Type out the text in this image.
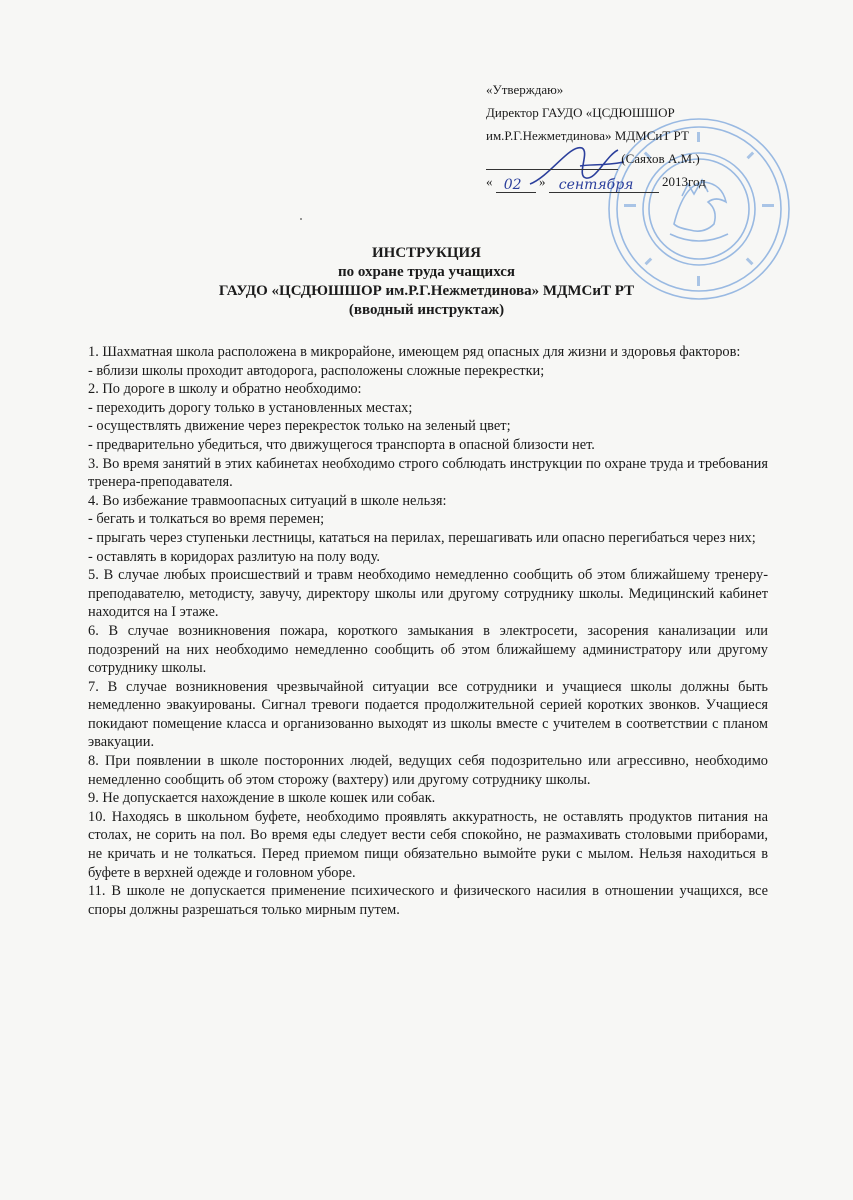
«Утверждаю»
Директор ГАУДО «ЦСДЮШШОР
им.Р.Г.Нежметдинова» МДМСиТ РТ
(Саяхов А.М.)
« 02 » сентября 2013год
ИНСТРУКЦИЯ
по охране труда учащихся
ГАУДО «ЦСДЮШШОР им.Р.Г.Нежметдинова» МДМСиТ РТ
(вводный инструктаж)

1. Шахматная школа расположена в микрорайоне, имеющем ряд опасных для жизни и здоровья факторов:

- вблизи школы проходит автодорога, расположены сложные перекрестки;

2. По дороге в школу и обратно необходимо:

- переходить дорогу только в установленных местах;

- осуществлять движение через перекресток только на зеленый цвет;

- предварительно убедиться, что движущегося транспорта в опасной близости нет.

3. Во время занятий в этих кабинетах необходимо строго соблюдать инструкции по охране труда и требования тренера-преподавателя.

4. Во избежание травмоопасных ситуаций в школе нельзя:

- бегать и толкаться во время перемен;

- прыгать через ступеньки лестницы, кататься на перилах, перешагивать или опасно перегибаться через них;

- оставлять в коридорах разлитую на полу воду.

5. В случае любых происшествий и травм необходимо немедленно сообщить об этом ближайшему тренеру-преподавателю, методисту, завучу, директору школы или другому сотруднику школы. Медицинский кабинет находится на I этаже.

6. В случае возникновения пожара, короткого замыкания в электросети, засорения канализации или подозрений на них необходимо немедленно сообщить об этом ближайшему администратору или другому сотруднику школы.

7. В случае возникновения чрезвычайной ситуации все сотрудники и учащиеся школы должны быть немедленно эвакуированы. Сигнал тревоги подается продолжительной серией коротких звонков. Учащиеся покидают помещение класса и организованно выходят из школы вместе с учителем в соответствии с планом эвакуации.

8. При появлении в школе посторонних людей, ведущих себя подозрительно или агрессивно, необходимо немедленно сообщить об этом сторожу (вахтеру) или другому сотруднику школы.

9. Не допускается нахождение в школе кошек или собак.

10. Находясь в школьном буфете, необходимо проявлять аккуратность, не оставлять продуктов питания на столах, не сорить на пол. Во время еды следует вести себя спокойно, не размахивать столовыми приборами, не кричать и не толкаться. Перед приемом пищи обязательно вымойте руки с мылом. Нельзя находиться в буфете в верхней одежде и головном уборе.

11. В школе не допускается применение психического и физического насилия в отношении учащихся, все споры должны разрешаться только мирным путем.
